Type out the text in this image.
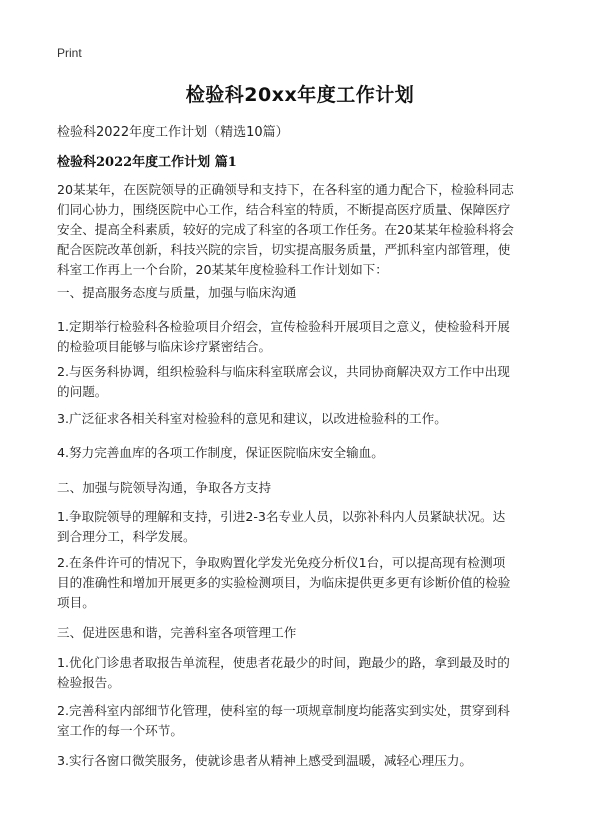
Print
检验科20xx年度工作计划
检验科2022年度工作计划（精选10篇）
检验科2022年度工作计划 篇1
20某某年，在医院领导的正确领导和支持下，在各科室的通力配合下，检验科同志
们同心协力，围绕医院中心工作，结合科室的特质，不断提高医疗质量、保障医疗
安全、提高全科素质，较好的完成了科室的各项工作任务。在20某某年检验科将会
配合医院改革创新，科技兴院的宗旨，切实提高服务质量，严抓科室内部管理，使
科室工作再上一个台阶，20某某年度检验科工作计划如下：
一、提高服务态度与质量，加强与临床沟通
1.定期举行检验科各检验项目介绍会，宣传检验科开展项目之意义，使检验科开展
的检验项目能够与临床诊疗紧密结合。
2.与医务科协调，组织检验科与临床科室联席会议，共同协商解决双方工作中出现
的问题。
3.广泛征求各相关科室对检验科的意见和建议，以改进检验科的工作。
4.努力完善血库的各项工作制度，保证医院临床安全输血。
二、加强与院领导沟通，争取各方支持
1.争取院领导的理解和支持，引进2-3名专业人员，以弥补科内人员紧缺状况。达
到合理分工，科学发展。
2.在条件许可的情况下，争取购置化学发光免疫分析仪1台，可以提高现有检测项
目的准确性和增加开展更多的实验检测项目，为临床提供更多更有诊断价值的检验
项目。
三、促进医患和谐，完善科室各项管理工作
1.优化门诊患者取报告单流程，使患者花最少的时间，跑最少的路，拿到最及时的
检验报告。
2.完善科室内部细节化管理，使科室的每一项规章制度均能落实到实处，贯穿到科
室工作的每一个环节。
3.实行各窗口微笑服务，使就诊患者从精神上感受到温暖，减轻心理压力。
